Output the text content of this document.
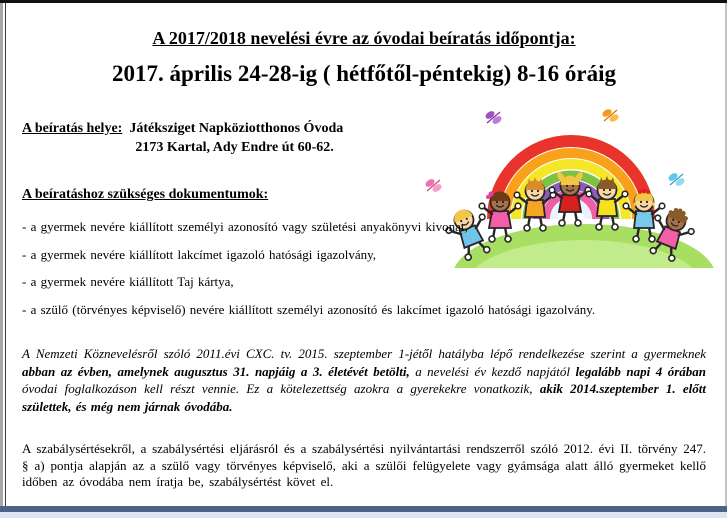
A 2017/2018 nevelési évre az óvodai beíratás időpontja:
2017. április 24-28-ig ( hétfőtől-péntekig) 8-16 óráig
A beíratás helye: Játéksziget Napköziotthonos Óvoda
2173 Kartal, Ady Endre út 60-62.
A beíratáshoz szükséges dokumentumok:
- a gyermek nevére kiállított személyi azonosító vagy születési anyakönyvi kivonat,
- a gyermek nevére kiállított lakcímet igazoló hatósági igazolvány,
- a gyermek nevére kiállított Taj kártya,
- a szülő (törvényes képviselő) nevére kiállított személyi azonosító és lakcímet igazoló hatósági igazolvány.
A Nemzeti Köznevelésről szóló 2011.évi CXC. tv. 2015. szeptember 1-jétől hatályba lépő rendelkezése szerint a gyermeknek abban az évben, amelynek augusztus 31. napjáig a 3. életévét betölti, a nevelési év kezdő napjától legalább napi 4 órában óvodai foglalkozáson kell részt vennie. Ez a kötelezettség azokra a gyerekekre vonatkozik, akik 2014.szeptember 1. előtt születtek, és még nem járnak óvodába.
A szabálysértésekről, a szabálysértési eljárásról és a szabálysértési nyilvántartási rendszerről szóló 2012. évi II. törvény 247. § a) pontja alapján az a szülő vagy törvényes képviselő, aki a szülői felügyelete vagy gyámsága alatt álló gyermeket kellő időben az óvodába nem íratja be, szabálysértést követ el.
